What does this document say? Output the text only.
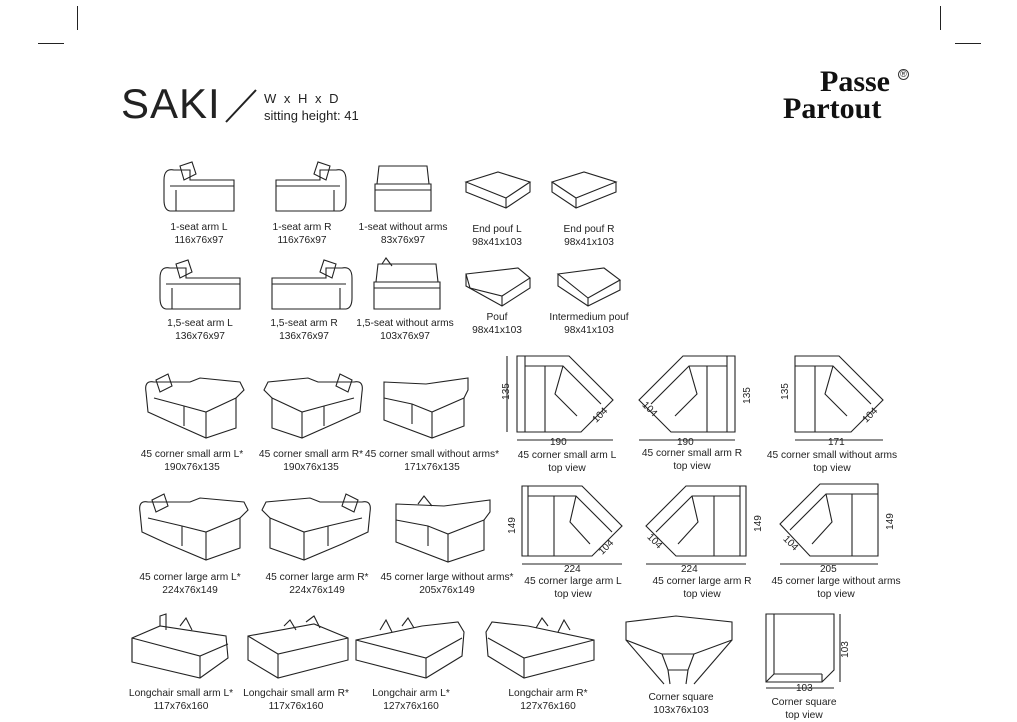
SAKI	W x H x D
sitting height: 41
Passe
Partout
®
1-seat arm L
116x76x97
1-seat arm R
116x76x97
1-seat without arms
83x76x97
End pouf L
98x41x103
End pouf R
98x41x103
1,5-seat arm L
136x76x97
1,5-seat arm R
136x76x97
1,5-seat without arms
103x76x97
Pouf
98x41x103
Intermedium pouf
98x41x103
45 corner small arm L*
190x76x135
45 corner small arm R*
190x76x135
45 corner small without arms*
171x76x135
135
104
190
45 corner small arm L
top view
104
135
190
45 corner small arm R
top view
135
104
171
45 corner small without arms
top view
45 corner large arm L*
224x76x149
45 corner large arm R*
224x76x149
45 corner large without arms*
205x76x149
149
104
224
45 corner large arm L
top view
104
149
224
45 corner large arm R
top view
104
149
205
45 corner large without arms
top view
Longchair small arm L*
117x76x160
Longchair small arm R*
117x76x160
Longchair arm L*
127x76x160
Longchair arm R*
127x76x160
Corner square
103x76x103
103
103
Corner square
top view
